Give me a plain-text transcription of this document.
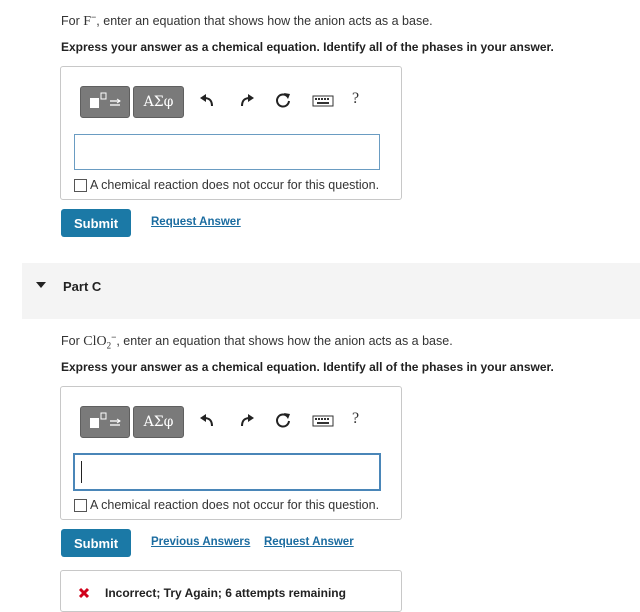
For F−, enter an equation that shows how the anion acts as a base.
Express your answer as a chemical equation. Identify all of the phases in your answer.
ΑΣφ	?
A chemical reaction does not occur for this question.
Submit	Request Answer
Part C
For ClO$_2$−, enter an equation that shows how the anion acts as a base.
Express your answer as a chemical equation. Identify all of the phases in your answer.
ΑΣφ	?
A chemical reaction does not occur for this question.
Submit	Previous Answers Request Answer
Incorrect; Try Again; 6 attempts remaining
